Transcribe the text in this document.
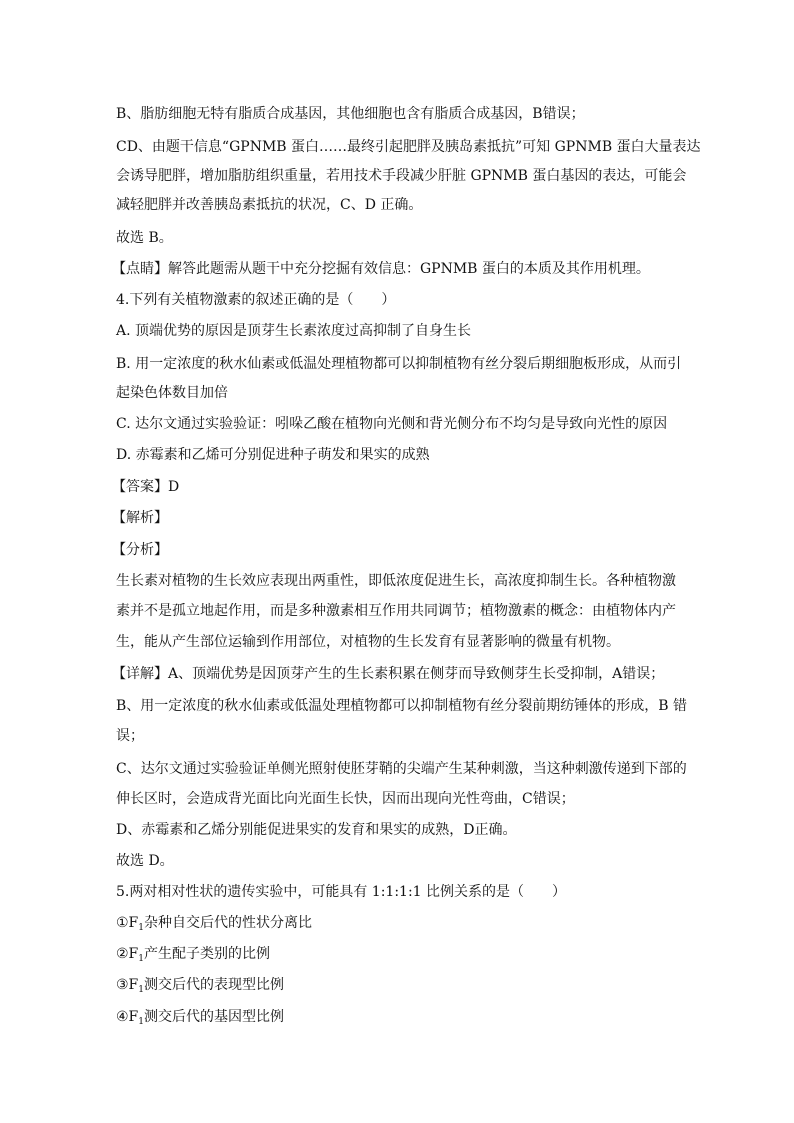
B、脂肪细胞无特有脂质合成基因，其他细胞也含有脂质合成基因，B错误；
CD、由题干信息“GPNMB 蛋白……最终引起肥胖及胰岛素抵抗”可知 GPNMB 蛋白大量表达
会诱导肥胖，增加脂肪组织重量，若用技术手段减少肝脏 GPNMB 蛋白基因的表达，可能会
减轻肥胖并改善胰岛素抵抗的状况，C、D 正确。
故选 B。
【点睛】解答此题需从题干中充分挖掘有效信息：GPNMB 蛋白的本质及其作用机理。
4.下列有关植物激素的叙述正确的是（　　）
A. 顶端优势的原因是顶芽生长素浓度过高抑制了自身生长
B. 用一定浓度的秋水仙素或低温处理植物都可以抑制植物有丝分裂后期细胞板形成，从而引
起染色体数目加倍
C. 达尔文通过实验验证：吲哚乙酸在植物向光侧和背光侧分布不均匀是导致向光性的原因
D. 赤霉素和乙烯可分别促进种子萌发和果实的成熟
【答案】D
【解析】
【分析】
生长素对植物的生长效应表现出两重性，即低浓度促进生长，高浓度抑制生长。各种植物激
素并不是孤立地起作用，而是多种激素相互作用共同调节；植物激素的概念：由植物体内产
生，能从产生部位运输到作用部位，对植物的生长发育有显著影响的微量有机物。
【详解】A、顶端优势是因顶芽产生的生长素积累在侧芽而导致侧芽生长受抑制，A错误；
B、用一定浓度的秋水仙素或低温处理植物都可以抑制植物有丝分裂前期纺锤体的形成，B 错
误；
C、达尔文通过实验验证单侧光照射使胚芽鞘的尖端产生某种刺激，当这种刺激传递到下部的
伸长区时，会造成背光面比向光面生长快，因而出现向光性弯曲，C错误；
D、赤霉素和乙烯分别能促进果实的发育和果实的成熟，D正确。
故选 D。
5.两对相对性状的遗传实验中，可能具有 1:1:1:1 比例关系的是（　　）
$①F_1$杂种自交后代的性状分离比
$②F_1$产生配子类别的比例
$③F_1$测交后代的表现型比例
$④F_1$测交后代的基因型比例
